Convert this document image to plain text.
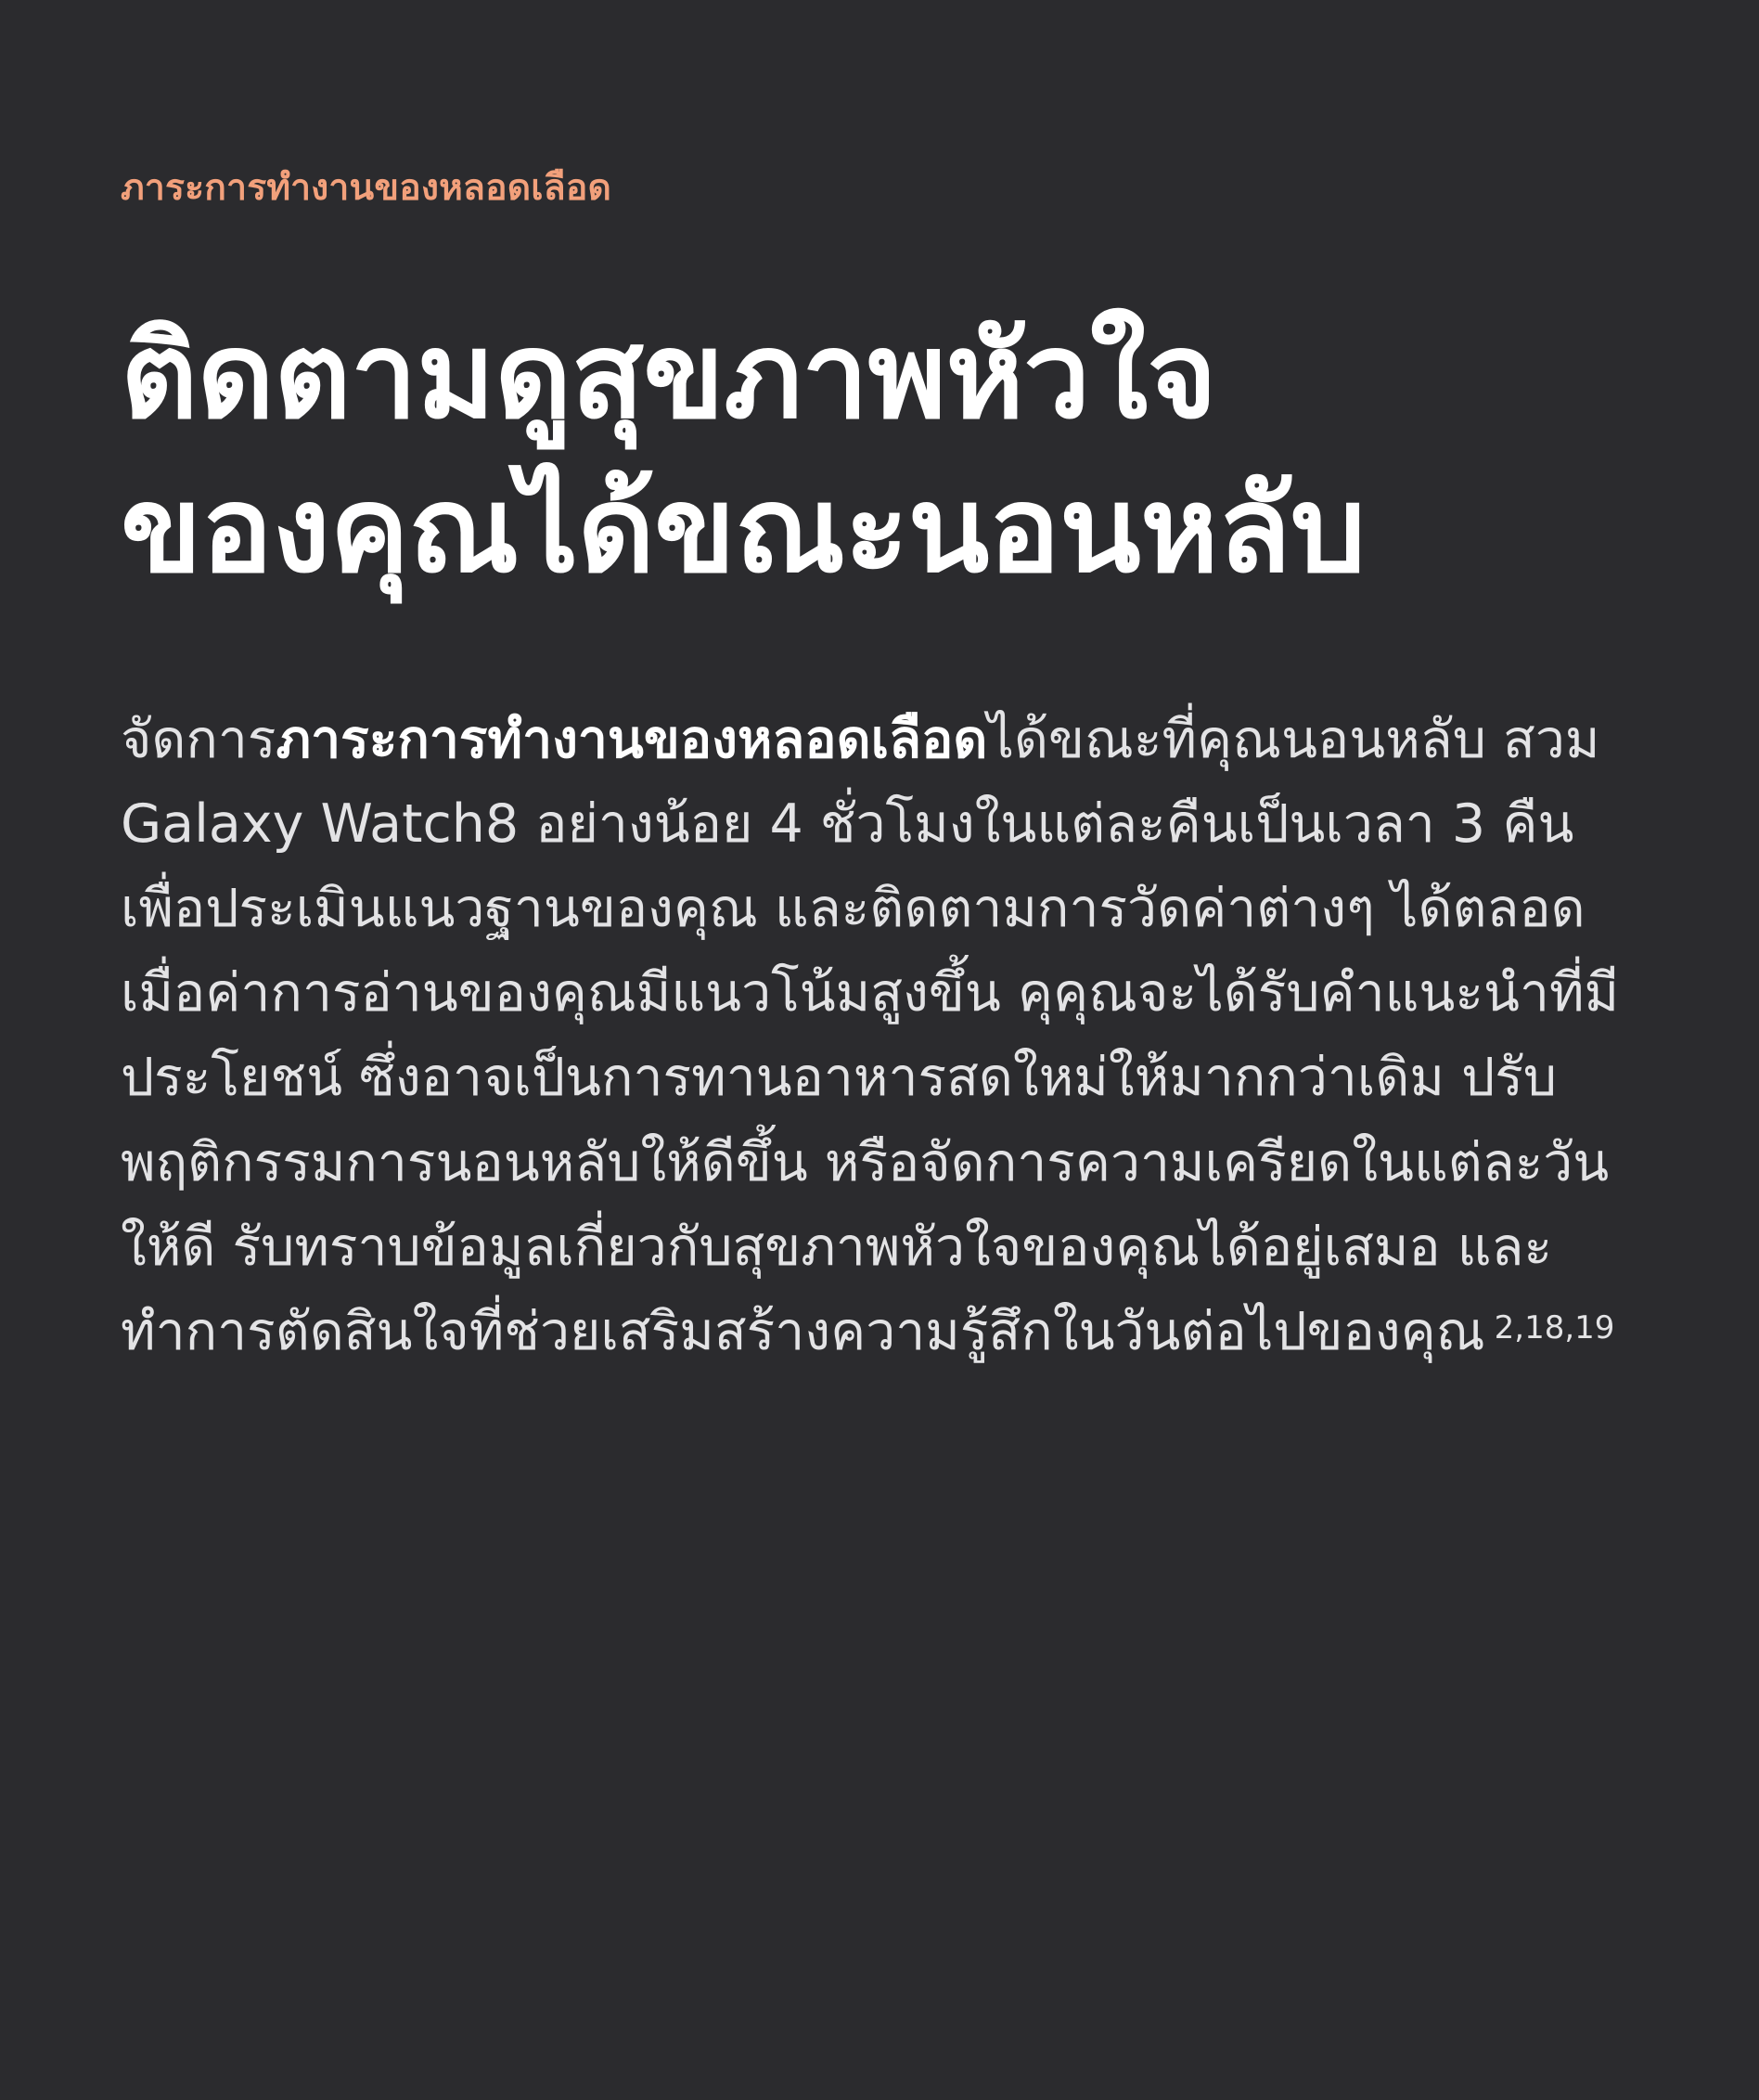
ภาระการทำงานของหลอดเลือด
ติดตามดูสุขภาพหัวใจ
ของคุณได้ขณะนอนหลับ

จัดการภาระการทำงานของหลอดเลือดได้ขณะที่คุณนอนหลับ สวม Galaxy Watch8 อย่างน้อย 4 ชั่วโมงในแต่ละคืนเป็นเวลา 3 คืน เพื่อประเมินแนวฐานของคุณ และติดตามการวัดค่าต่างๆ ได้ตลอด เมื่อค่าการอ่านของคุณมีแนวโน้มสูงขึ้น คุคุณจะได้รับคำแนะนำที่มีประโยชน์ ซึ่งอาจเป็นการทานอาหารสดใหม่ให้มากกว่าเดิม ปรับพฤติกรรมการนอนหลับให้ดีขึ้น หรือจัดการความเครียดในแต่ละวันให้ดี รับทราบข้อมูลเกี่ยวกับสุขภาพหัวใจของคุณได้อยู่เสมอ และทำการตัดสินใจที่ช่วยเสริมสร้างความรู้สึกในวันต่อไปของคุณ $^{2,18,19}$
